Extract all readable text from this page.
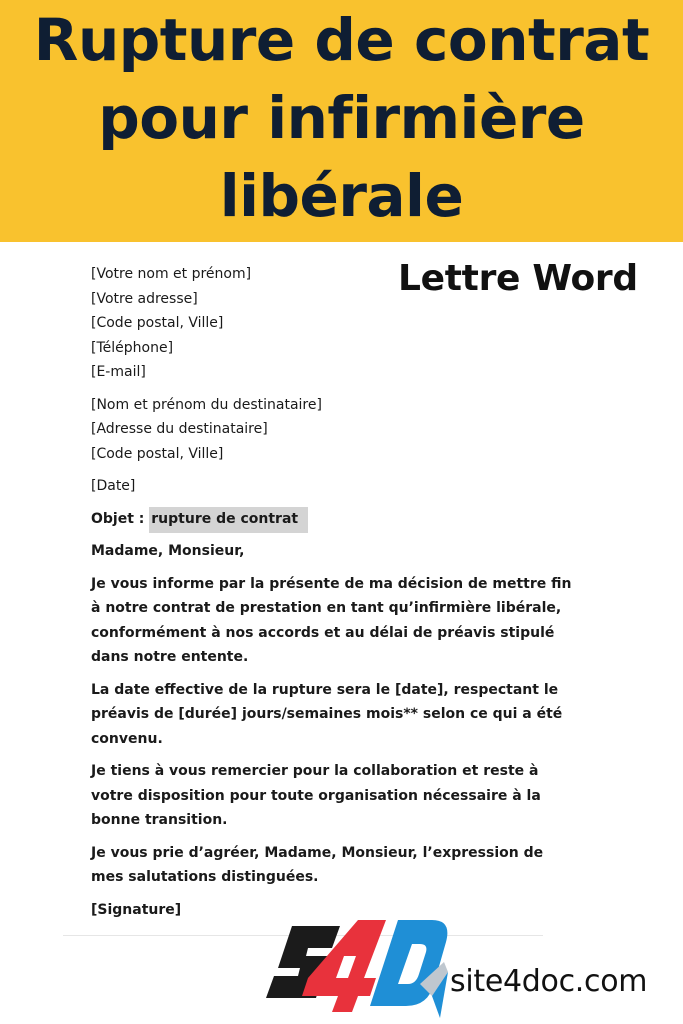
Rupture de contrat
pour infirmière
libérale
Lettre Word
[Votre nom et prénom]
[Votre adresse]
[Code postal, Ville]
[Téléphone]
[E-mail]
[Nom et prénom du destinataire]
[Adresse du destinataire]
[Code postal, Ville]
[Date]
Objet : rupture de contrat

Madame, Monsieur,

Je vous informe par la présente de ma décision de mettre fin
à notre contrat de prestation en tant qu’infirmière libérale,
conformément à nos accords et au délai de préavis stipulé
dans notre entente.

La date effective de la rupture sera le [date], respectant le
préavis de [durée] jours/semaines mois** selon ce qui a été
convenu.

Je tiens à vous remercier pour la collaboration et reste à
votre disposition pour toute organisation nécessaire à la
bonne transition.

Je vous prie d’agréer, Madame, Monsieur, l’expression de
mes salutations distinguées.

[Signature]

site4doc.com
